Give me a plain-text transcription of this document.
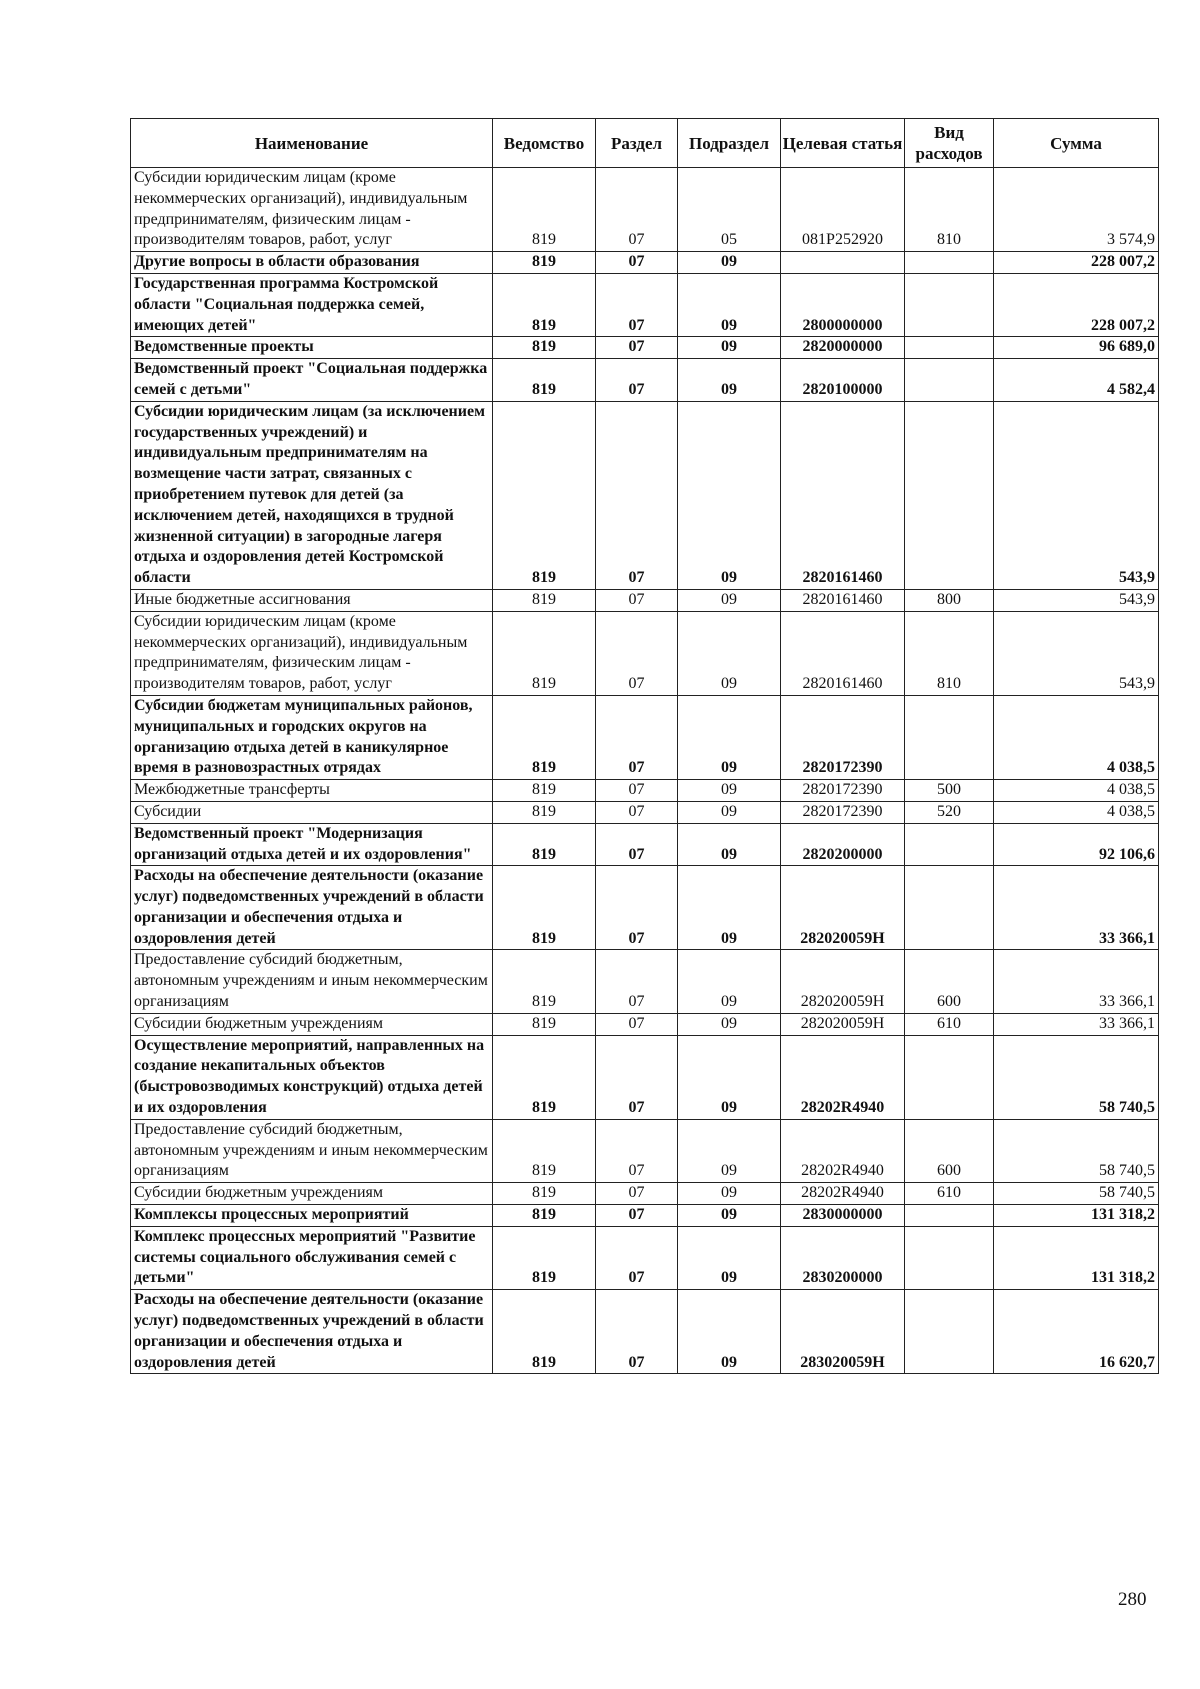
Наименование	Ведомство	Раздел	Подраздел	Целевая статья	Вид расходов	Сумма
Субсидии юридическим лицам (кроме некоммерческих организаций), индивидуальным предпринимателям, физическим лицам - производителям товаров, работ, услуг	819	07	05	081P252920	810	3 574,9
Другие вопросы в области образования	819	07	09			228 007,2
Государственная программа Костромской области "Социальная поддержка семей, имеющих детей"	819	07	09	2800000000		228 007,2
Ведомственные проекты	819	07	09	2820000000		96 689,0
Ведомственный проект "Социальная поддержка семей с детьми"	819	07	09	2820100000		4 582,4
Субсидии юридическим лицам (за исключением государственных учреждений) и индивидуальным предпринимателям на возмещение части затрат, связанных с приобретением путевок для детей (за исключением детей, находящихся в трудной жизненной ситуации) в загородные лагеря отдыха и оздоровления детей Костромской области	819	07	09	2820161460		543,9
Иные бюджетные ассигнования	819	07	09	2820161460	800	543,9
Субсидии юридическим лицам (кроме некоммерческих организаций), индивидуальным предпринимателям, физическим лицам - производителям товаров, работ, услуг	819	07	09	2820161460	810	543,9
Субсидии бюджетам муниципальных районов, муниципальных и городских округов на организацию отдыха детей в каникулярное время в разновозрастных отрядах	819	07	09	2820172390		4 038,5
Межбюджетные трансферты	819	07	09	2820172390	500	4 038,5
Субсидии	819	07	09	2820172390	520	4 038,5
Ведомственный проект "Модернизация организаций отдыха детей и их оздоровления"	819	07	09	2820200000		92 106,6
Расходы на обеспечение деятельности (оказание услуг) подведомственных учреждений в области организации и обеспечения отдыха и оздоровления детей	819	07	09	282020059H		33 366,1
Предоставление субсидий бюджетным, автономным учреждениям и иным некоммерческим организациям	819	07	09	282020059H	600	33 366,1
Субсидии бюджетным учреждениям	819	07	09	282020059H	610	33 366,1
Осуществление мероприятий, направленных на создание некапитальных объектов (быстровозводимых конструкций) отдыха детей и их оздоровления	819	07	09	28202R4940		58 740,5
Предоставление субсидий бюджетным, автономным учреждениям и иным некоммерческим организациям	819	07	09	28202R4940	600	58 740,5
Субсидии бюджетным учреждениям	819	07	09	28202R4940	610	58 740,5
Комплексы процессных мероприятий	819	07	09	2830000000		131 318,2
Комплекс процессных мероприятий "Развитие системы социального обслуживания семей с детьми"	819	07	09	2830200000		131 318,2
Расходы на обеспечение деятельности (оказание услуг) подведомственных учреждений в области организации и обеспечения отдыха и оздоровления детей	819	07	09	283020059H		16 620,7
280
